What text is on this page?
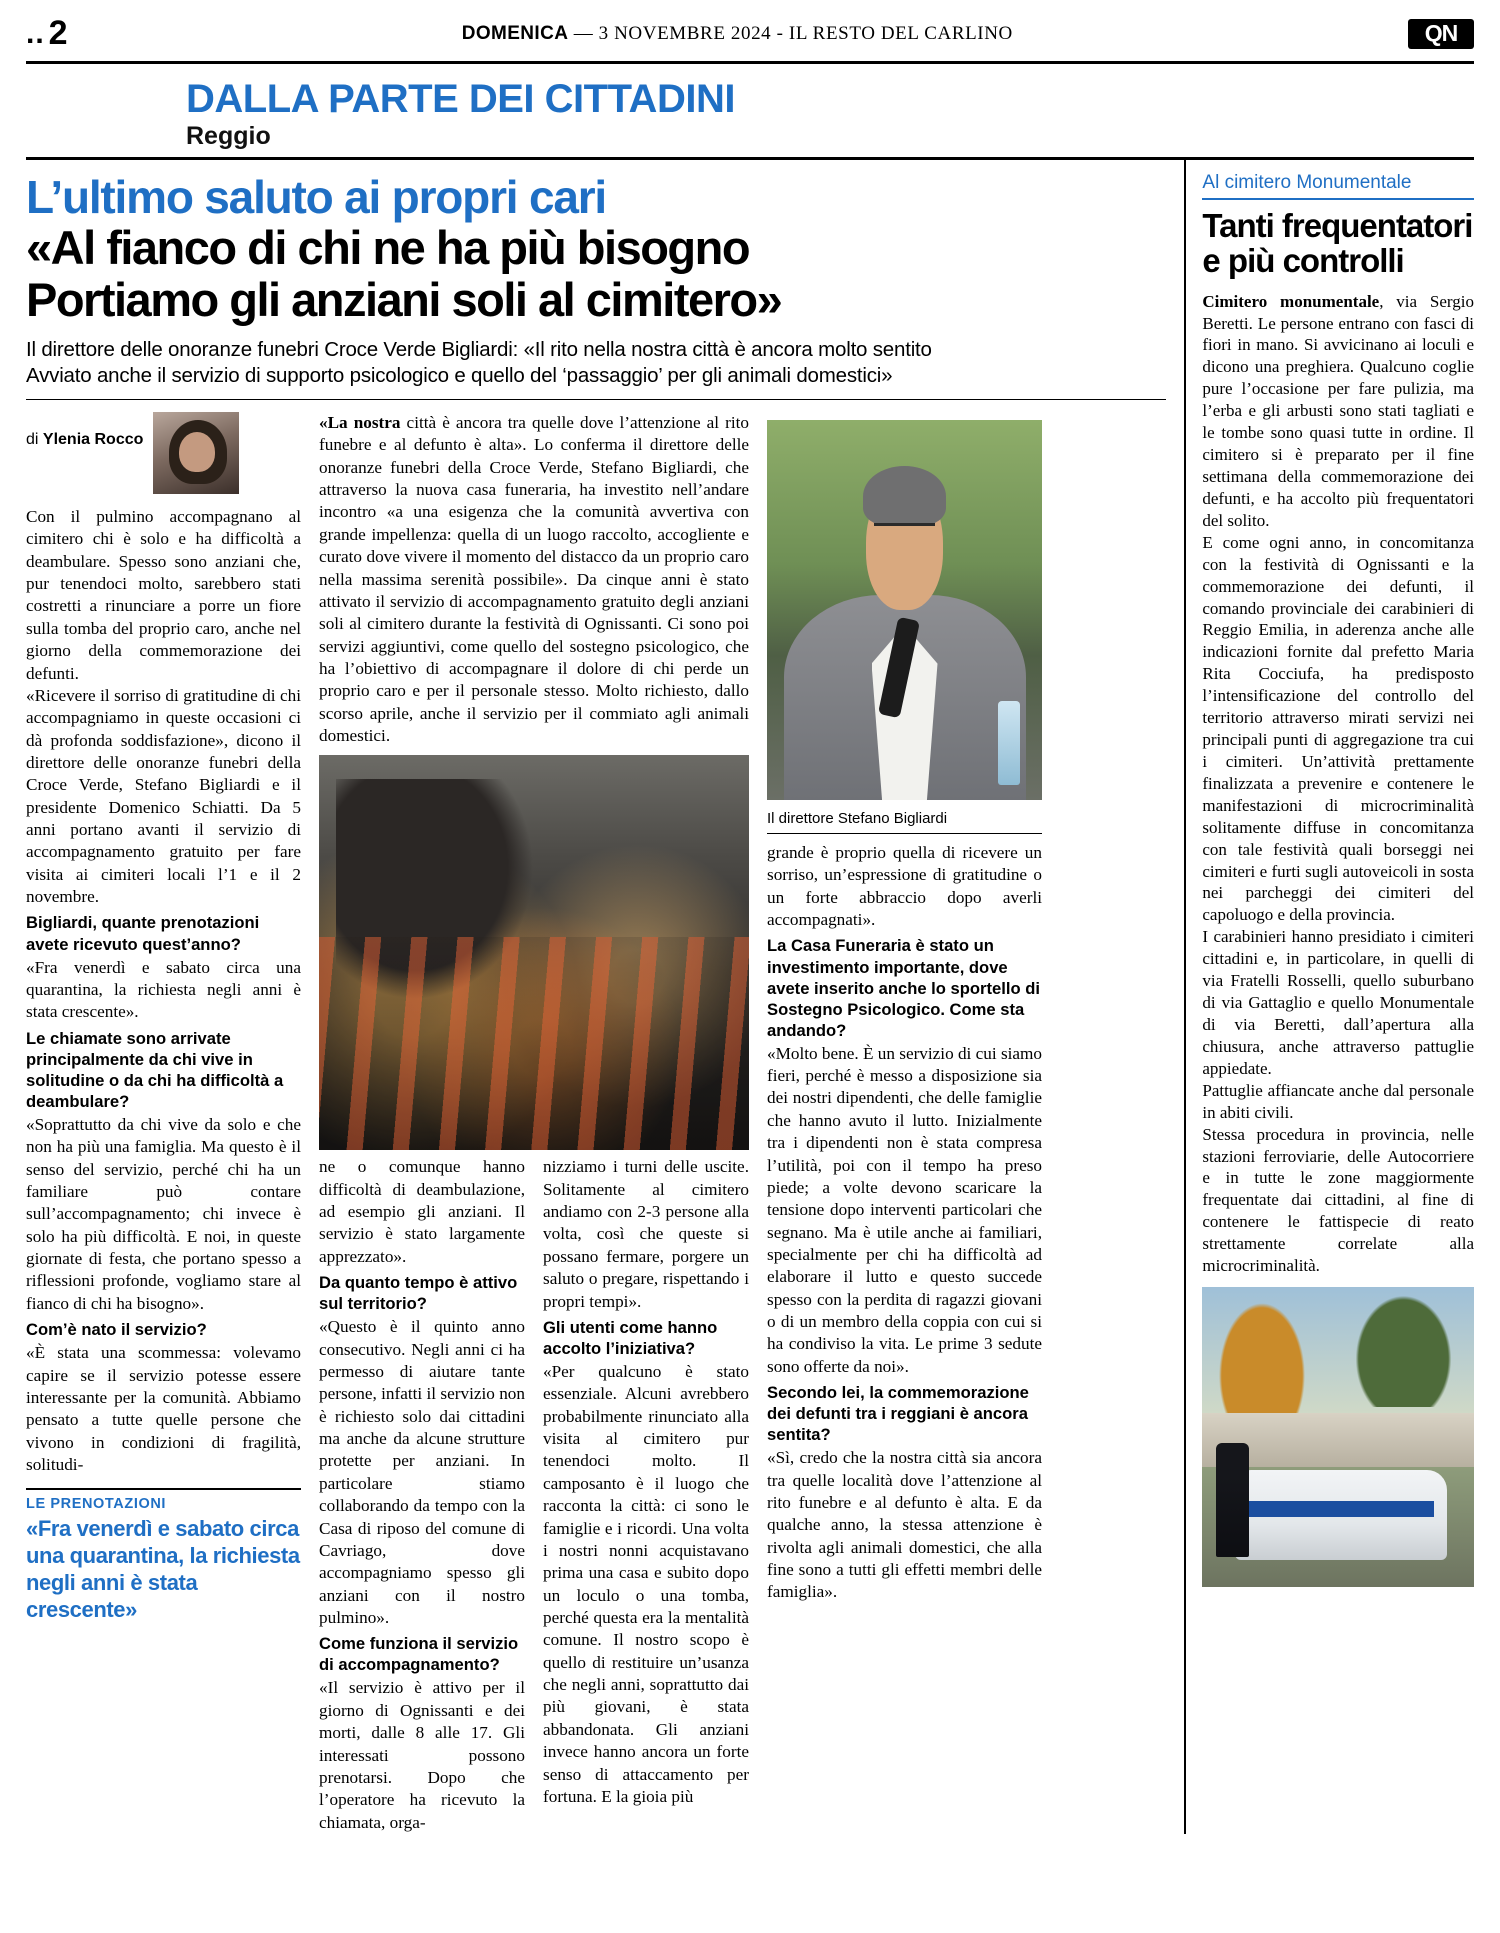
.. 2	DOMENICA — 3 NOVEMBRE 2024 - IL RESTO DEL CARLINO	QN
DALLA PARTE DEI CITTADINI
Reggio
L’ultimo saluto ai propri cari
«Al fianco di chi ne ha più bisogno
Portiamo gli anziani soli al cimitero»
Il direttore delle onoranze funebri Croce Verde Bigliardi: «Il rito nella nostra città è ancora molto sentito
Avviato anche il servizio di supporto psicologico e quello del ‘passaggio’ per gli animali domestici»
di Ylenia Rocco

Con il pulmino accompagnano al cimitero chi è solo e ha difficoltà a deambulare. Spesso sono anziani che, pur tenendoci molto, sarebbero stati costretti a rinunciare a porre un fiore sulla tomba del proprio caro, anche nel giorno della commemorazione dei defunti.

«Ricevere il sorriso di gratitudine di chi accompagniamo in queste occasioni ci dà profonda soddisfazione», dicono il direttore delle onoranze funebri della Croce Verde, Stefano Bigliardi e il presidente Domenico Schiatti. Da 5 anni portano avanti il servizio di accompagnamento gratuito per fare visita ai cimiteri locali l’1 e il 2 novembre.

Bigliardi, quante prenotazioni avete ricevuto quest’anno?

«Fra venerdì e sabato circa una quarantina, la richiesta negli anni è stata crescente».

Le chiamate sono arrivate principalmente da chi vive in solitudine o da chi ha difficoltà a deambulare?

«Soprattutto da chi vive da solo e che non ha più una famiglia. Ma questo è il senso del servizio, perché chi ha un familiare può contare sull’accompagnamento; chi invece è solo ha più difficoltà. E noi, in queste giornate di festa, che portano spesso a riflessioni profonde, vogliamo stare al fianco di chi ha bisogno».

Com’è nato il servizio?

«È stata una scommessa: volevamo capire se il servizio potesse essere interessante per la comunità. Abbiamo pensato a tutte quelle persone che vivono in condizioni di fragilità, solitudi-

LE PRENOTAZIONI
«Fra venerdì e sabato circa una quarantina, la richiesta negli anni è stata crescente»

«La nostra città è ancora tra quelle dove l’attenzione al rito funebre e al defunto è alta». Lo conferma il direttore delle onoranze funebri della Croce Verde, Stefano Bigliardi, che attraverso la nuova casa funeraria, ha investito nell’andare incontro «a una esigenza che la comunità avvertiva con grande impellenza: quella di un luogo raccolto, accogliente e curato dove vivere il momento del distacco da un proprio caro nella massima serenità possibile». Da cinque anni è stato attivato il servizio di accompagnamento gratuito degli anziani soli al cimitero durante la festività di Ognissanti. Ci sono poi servizi aggiuntivi, come quello del sostegno psicologico, che ha l’obiettivo di accompagnare il dolore di chi perde un proprio caro e per il personale stesso. Molto richiesto, dallo scorso aprile, anche il servizio per il commiato agli animali domestici.

ne o comunque hanno difficoltà di deambulazione, ad esempio gli anziani. Il servizio è stato largamente apprezzato».

Da quanto tempo è attivo sul territorio?

«Questo è il quinto anno consecutivo. Negli anni ci ha permesso di aiutare tante persone, infatti il servizio non è richiesto solo dai cittadini ma anche da alcune strutture protette per anziani. In particolare stiamo collaborando da tempo con la Casa di riposo del comune di Cavriago, dove accompagniamo spesso gli anziani con il nostro pulmino».

Come funziona il servizio di accompagnamento?

«Il servizio è attivo per il giorno di Ognissanti e dei morti, dalle 8 alle 17. Gli interessati possono prenotarsi. Dopo che l’operatore ha ricevuto la chiamata, orga-

nizziamo i turni delle uscite. Solitamente al cimitero andiamo con 2-3 persone alla volta, così che queste si possano fermare, porgere un saluto o pregare, rispettando i propri tempi».

Gli utenti come hanno accolto l’iniziativa?

«Per qualcuno è stato essenziale. Alcuni avrebbero probabilmente rinunciato alla visita al cimitero pur tenendoci molto. Il camposanto è il luogo che racconta la città: ci sono le famiglie e i ricordi. Una volta i nostri nonni acquistavano prima una casa e subito dopo un loculo o una tomba, perché questa era la mentalità comune. Il nostro scopo è quello di restituire un’usanza che negli anni, soprattutto dai più giovani, è stata abbandonata. Gli anziani invece hanno ancora un forte senso di attaccamento per fortuna. E la gioia più

Il direttore Stefano Bigliardi

grande è proprio quella di ricevere un sorriso, un’espressione di gratitudine o un forte abbraccio dopo averli accompagnati».

La Casa Funeraria è stato un investimento importante, dove avete inserito anche lo sportello di Sostegno Psicologico. Come sta andando?

«Molto bene. È un servizio di cui siamo fieri, perché è messo a disposizione sia dei nostri dipendenti, che delle famiglie che hanno avuto il lutto. Inizialmente tra i dipendenti non è stata compresa l’utilità, poi con il tempo ha preso piede; a volte devono scaricare la tensione dopo interventi particolari che segnano. Ma è utile anche ai familiari, specialmente per chi ha difficoltà ad elaborare il lutto e questo succede spesso con la perdita di ragazzi giovani o di un membro della coppia con cui si ha condiviso la vita. Le prime 3 sedute sono offerte da noi».

Secondo lei, la commemorazione dei defunti tra i reggiani è ancora sentita?

«Sì, credo che la nostra città sia ancora tra quelle località dove l’attenzione al rito funebre e al defunto è alta. E da qualche anno, la stessa attenzione è rivolta agli animali domestici, che alla fine sono a tutti gli effetti membri delle famiglia».

Al cimitero Monumentale
Tanti frequentatori e più controlli

Cimitero monumentale, via Sergio Beretti. Le persone entrano con fasci di fiori in mano. Si avvicinano ai loculi e dicono una preghiera. Qualcuno coglie pure l’occasione per fare pulizia, ma l’erba e gli arbusti sono stati tagliati e le tombe sono quasi tutte in ordine. Il cimitero si è preparato per il fine settimana della commemorazione dei defunti, e ha accolto più frequentatori del solito.

E come ogni anno, in concomitanza con la festività di Ognissanti e la commemorazione dei defunti, il comando provinciale dei carabinieri di Reggio Emilia, in aderenza anche alle indicazioni fornite dal prefetto Maria Rita Cocciufa, ha predisposto l’intensificazione del controllo del territorio attraverso mirati servizi nei principali punti di aggregazione tra cui i cimiteri. Un’attività prettamente finalizzata a prevenire e contenere le manifestazioni di microcriminalità solitamente diffuse in concomitanza con tale festività quali borseggi nei cimiteri e furti sugli autoveicoli in sosta nei parcheggi dei cimiteri del capoluogo e della provincia.

I carabinieri hanno presidiato i cimiteri cittadini e, in particolare, in quelli di via Fratelli Rosselli, quello suburbano di via Gattaglio e quello Monumentale di via Beretti, dall’apertura alla chiusura, anche attraverso pattuglie appiedate.

Pattuglie affiancate anche dal personale in abiti civili.

Stessa procedura in provincia, nelle stazioni ferroviarie, delle Autocorriere e in tutte le zone maggiormente frequentate dai cittadini, al fine di contenere le fattispecie di reato strettamente correlate alla microcriminalità.
